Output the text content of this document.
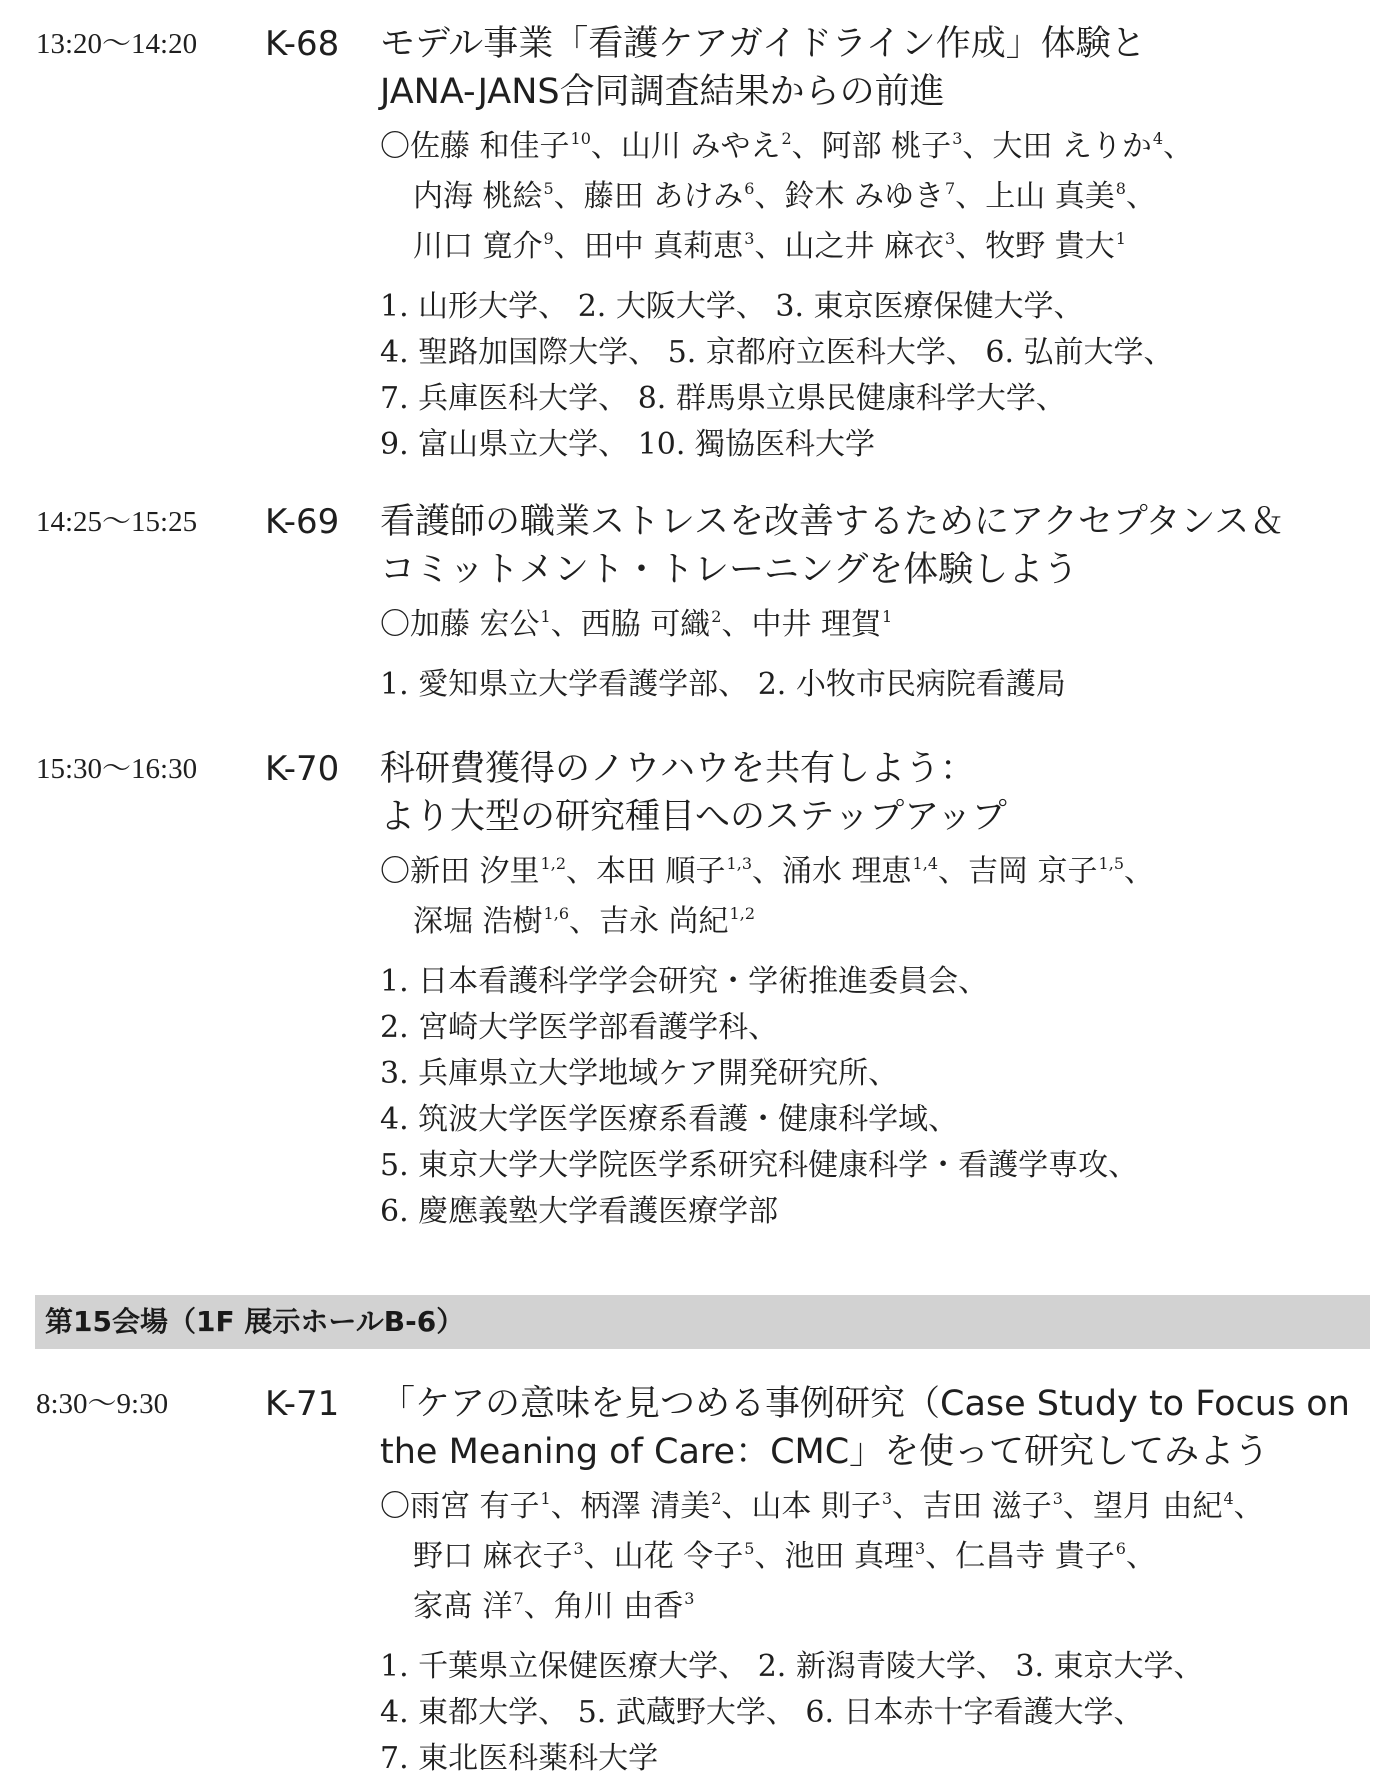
13:20〜14:20 K-68 モデル事業「看護ケアガイドライン作成」体験と
JANA-JANS合同調査結果からの前進
〇佐藤 和佳子$^{10}$、山川 みやえ$^2$、阿部 桃子$^3$、大田 えりか$^4$、
内海 桃絵$^5$、藤田 あけみ$^6$、鈴木 みゆき$^7$、上山 真美$^8$、
川口 寛介$^9$、田中 真莉恵$^3$、山之井 麻衣$^3$、牧野 貴大$^1$
1. 山形大学、 2. 大阪大学、 3. 東京医療保健大学、
4. 聖路加国際大学、 5. 京都府立医科大学、 6. 弘前大学、
7. 兵庫医科大学、 8. 群馬県立県民健康科学大学、
9. 富山県立大学、 10. 獨協医科大学
14:25〜15:25 K-69 看護師の職業ストレスを改善するためにアクセプタンス＆
コミットメント・トレーニングを体験しよう
〇加藤 宏公$^1$、西脇 可織$^2$、中井 理賀$^1$
1. 愛知県立大学看護学部、 2. 小牧市民病院看護局
15:30〜16:30 K-70 科研費獲得のノウハウを共有しよう：
より大型の研究種目へのステップアップ
〇新田 汐里$^{1,2}$、本田 順子$^{1,3}$、涌水 理恵$^{1,4}$、吉岡 京子$^{1,5}$、
深堀 浩樹$^{1,6}$、吉永 尚紀$^{1,2}$
1. 日本看護科学学会研究・学術推進委員会、
2. 宮崎大学医学部看護学科、
3. 兵庫県立大学地域ケア開発研究所、
4. 筑波大学医学医療系看護・健康科学域、
5. 東京大学大学院医学系研究科健康科学・看護学専攻、
6. 慶應義塾大学看護医療学部
第15会場（1F 展示ホールB-6）
8:30〜9:30	K-71 「ケアの意味を見つめる事例研究（Case Study to Focus on
the Meaning of Care：CMC」を使って研究してみよう
〇雨宮 有子$^1$、柄澤 清美$^2$、山本 則子$^3$、吉田 滋子$^3$、望月 由紀$^4$、
野口 麻衣子$^3$、山花 令子$^5$、池田 真理$^3$、仁昌寺 貴子$^6$、
家髙 洋$^7$、角川 由香$^3$
1. 千葉県立保健医療大学、 2. 新潟青陵大学、 3. 東京大学、
4. 東都大学、 5. 武蔵野大学、 6. 日本赤十字看護大学、
7. 東北医科薬科大学
